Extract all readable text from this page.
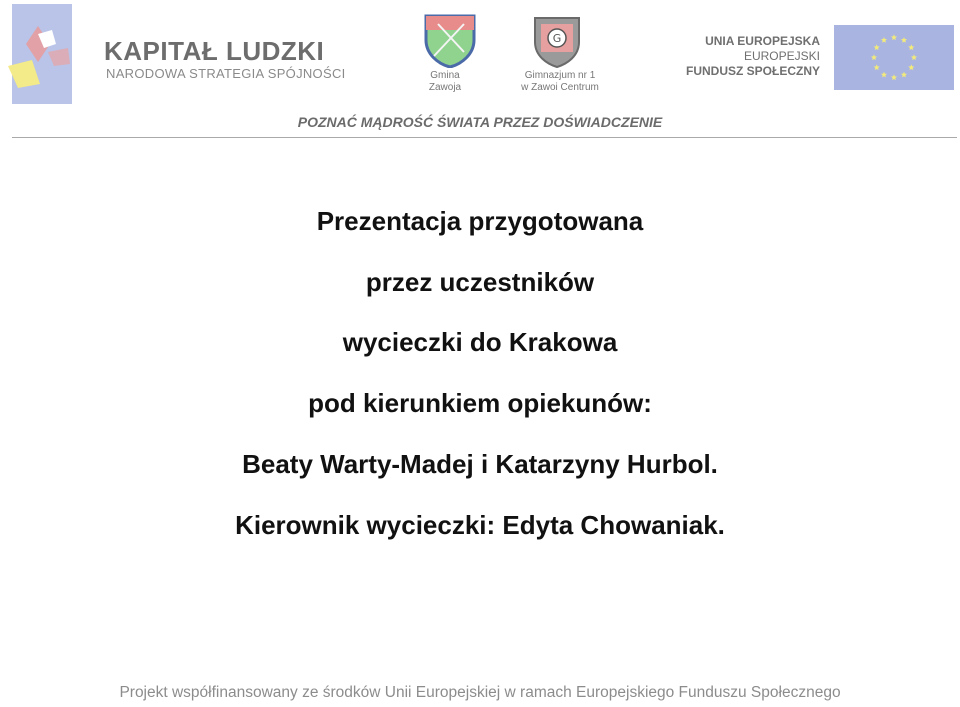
KAPITAŁ LUDZKI
NARODOWA STRATEGIA SPÓJNOŚCI	Gmina
Zawoja
G
Gimnazjum nr 1
w Zawoi Centrum
UNIA EUROPEJSKA
EUROPEJSKI
FUNDUSZ SPOŁECZNY
POZNAĆ MĄDROŚĆ ŚWIATA PRZEZ DOŚWIADCZENIE
Prezentacja przygotowana
przez uczestników
wycieczki do Krakowa
pod kierunkiem opiekunów:
Beaty Warty-Madej i Katarzyny Hurbol.
Kierownik wycieczki: Edyta Chowaniak.
Projekt współfinansowany ze środków Unii Europejskiej w ramach Europejskiego Funduszu Społecznego
